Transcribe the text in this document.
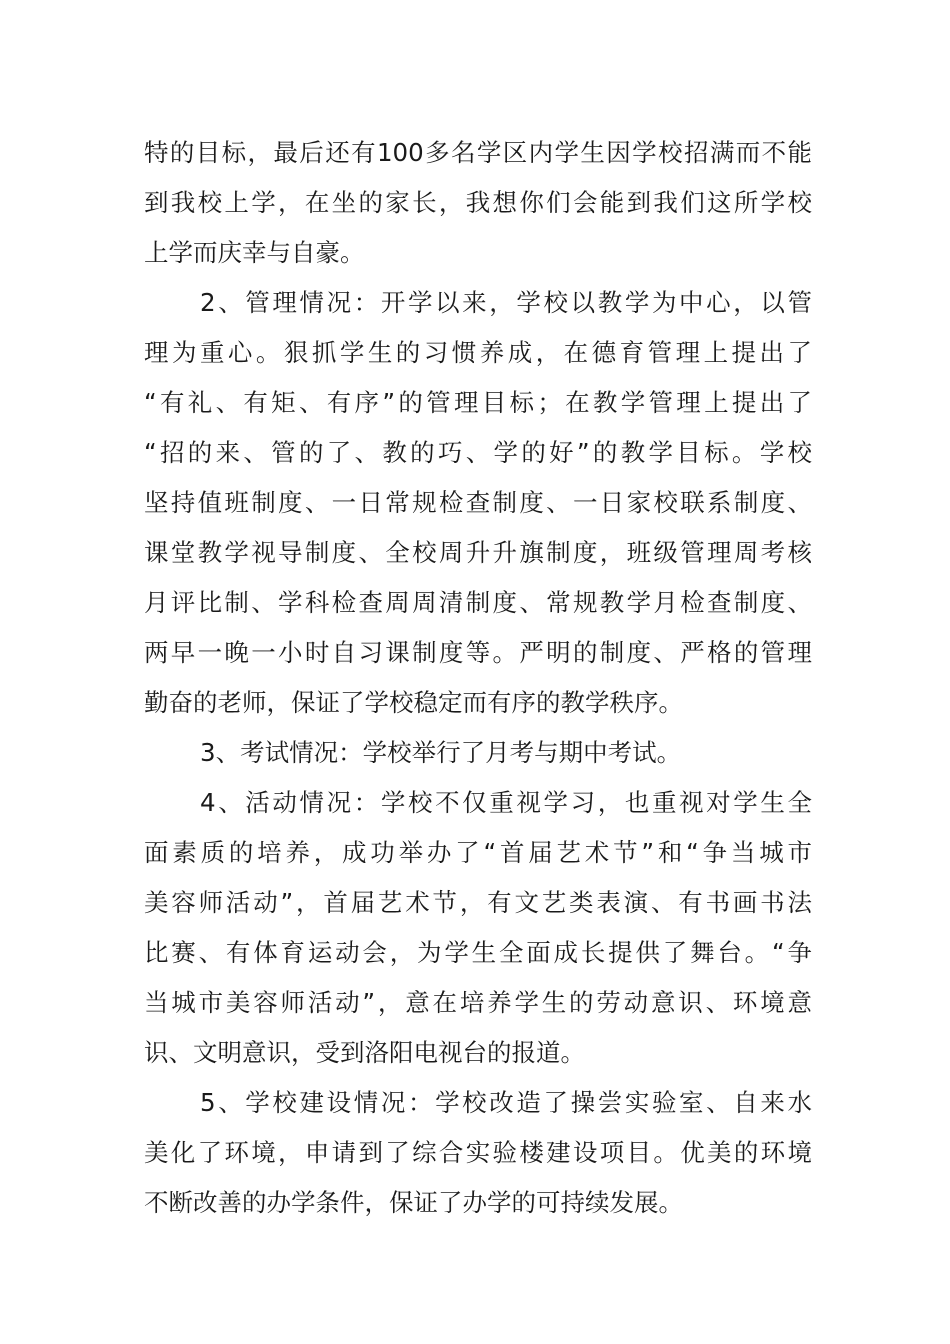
特的目标，最后还有100多名学区内学生因学校招满而不能
到我校上学，在坐的家长，我想你们会能到我们这所学校
上学而庆幸与自豪。
2、管理情况：开学以来，学校以教学为中心，以管
理为重心。狠抓学生的习惯养成，在德育管理上提出了
“有礼、有矩、有序”的管理目标；在教学管理上提出了
“招的来、管的了、教的巧、学的好”的教学目标。学校
坚持值班制度、一日常规检查制度、一日家校联系制度、
课堂教学视导制度、全校周升升旗制度，班级管理周考核
月评比制、学科检查周周清制度、常规教学月检查制度、
两早一晚一小时自习课制度等。严明的制度、严格的管理
勤奋的老师，保证了学校稳定而有序的教学秩序。
3、考试情况：学校举行了月考与期中考试。
4、活动情况：学校不仅重视学习，也重视对学生全
面素质的培养，成功举办了“首届艺术节”和“争当城市
美容师活动”，首届艺术节，有文艺类表演、有书画书法
比赛、有体育运动会，为学生全面成长提供了舞台。“争
当城市美容师活动”，意在培养学生的劳动意识、环境意
识、文明意识，受到洛阳电视台的报道。
5、学校建设情况：学校改造了操尝实验室、自来水
美化了环境，申请到了综合实验楼建设项目。优美的环境
不断改善的办学条件，保证了办学的可持续发展。
